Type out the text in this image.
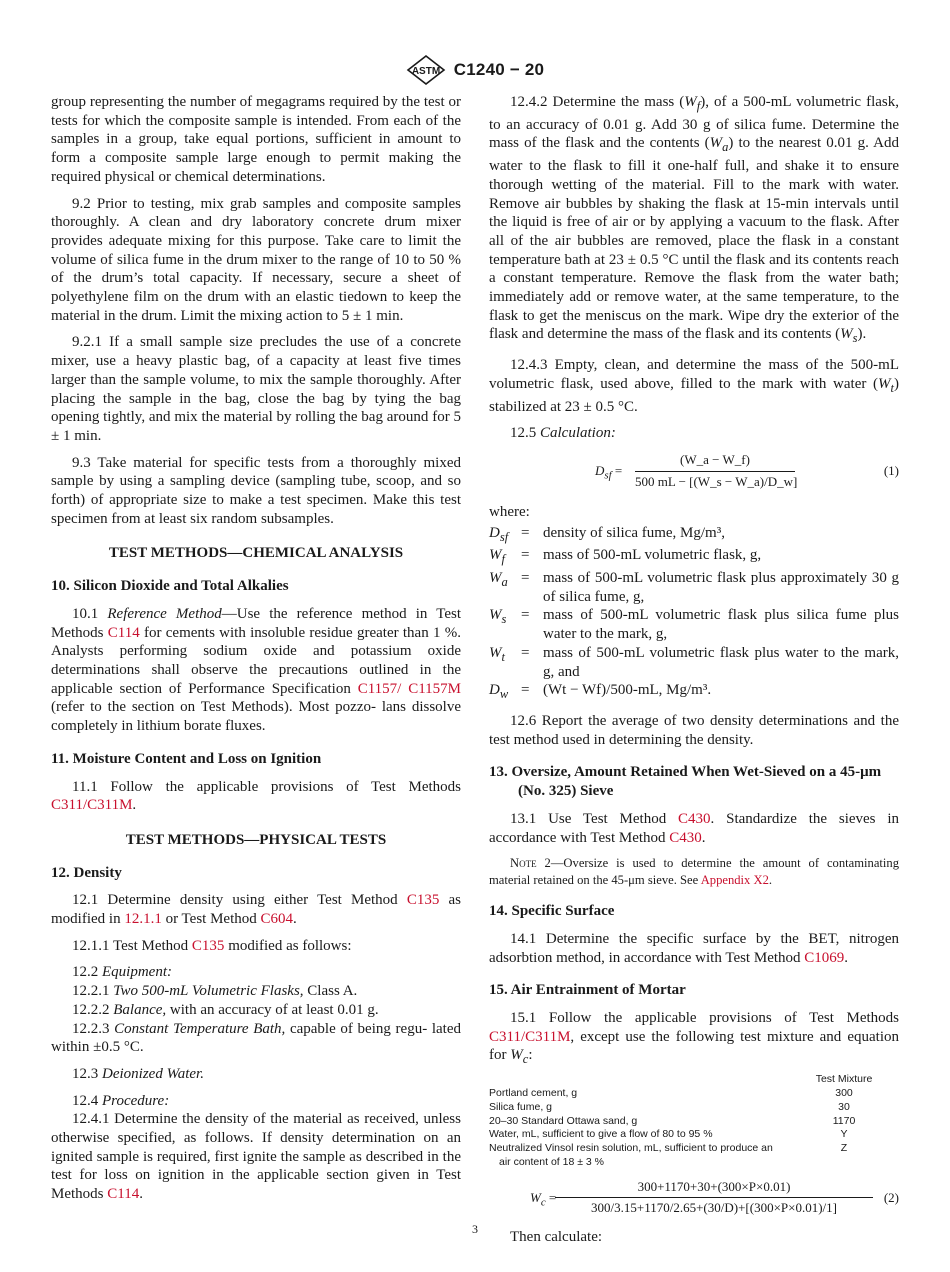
ASTM C1240 − 20

group representing the number of megagrams required by the test or tests for which the composite sample is intended. From each of the samples in a group, take equal portions, sufficient in amount to form a composite sample large enough to permit making the required physical or chemical determinations.

9.2 Prior to testing, mix grab samples and composite samples thoroughly. A clean and dry laboratory concrete drum mixer provides adequate mixing for this purpose. Take care to limit the volume of silica fume in the drum mixer to the range of 10 to 50 % of the drum’s total capacity. If necessary, secure a sheet of polyethylene film on the drum with an elastic tiedown to keep the material in the drum. Limit the mixing action to 5 ± 1 min.

9.2.1 If a small sample size precludes the use of a concrete mixer, use a heavy plastic bag, of a capacity at least five times larger than the sample volume, to mix the sample thoroughly. After placing the sample in the bag, close the bag by tying the bag opening tightly, and mix the material by rolling the bag around for 5 ± 1 min.

9.3 Take material for specific tests from a thoroughly mixed sample by using a sampling device (sampling tube, scoop, and so forth) of appropriate size to make a test specimen. Make this test specimen from at least six random subsamples.

TEST METHODS—CHEMICAL ANALYSIS
10. Silicon Dioxide and Total Alkalies

10.1 Reference Method—Use the reference method in Test Methods C114 for cements with insoluble residue greater than 1 %. Analysts performing sodium oxide and potassium oxide determinations shall observe the precautions outlined in the applicable section of Performance Specification C1157/ C1157M (refer to the section on Test Methods). Most pozzo- lans dissolve completely in lithium borate fluxes.

11. Moisture Content and Loss on Ignition

11.1 Follow the applicable provisions of Test Methods C311/C311M.

TEST METHODS—PHYSICAL TESTS
12. Density

12.1 Determine density using either Test Method C135 as modified in 12.1.1 or Test Method C604.

12.1.1 Test Method C135 modified as follows:

12.2 Equipment:

12.2.1 Two 500-mL Volumetric Flasks, Class A.

12.2.2 Balance, with an accuracy of at least 0.01 g.

12.2.3 Constant Temperature Bath, capable of being regu- lated within ±0.5 °C.

12.3 Deionized Water.

12.4 Procedure:

12.4.1 Determine the density of the material as received, unless otherwise specified, as follows. If density determination on an ignited sample is required, first ignite the sample as described in the test for loss on ignition in the applicable section given in Test Methods C114.

12.4.2 Determine the mass $(W_f)$, of a 500-mL volumetric flask, to an accuracy of 0.01 g. Add 30 g of silica fume. Determine the mass of the flask and the contents $(W_a)$ to the nearest 0.01 g. Add water to the flask to fill it one-half full, and shake it to ensure thorough wetting of the material. Fill to the mark with water. Remove air bubbles by shaking the flask at 15-min intervals until the liquid is free of air or by applying a vacuum to the flask. After all of the air bubbles are removed, place the flask in a constant temperature bath at 23 ± 0.5 °C until the flask and its contents reach a constant temperature. Remove the flask from the water bath; immediately add or remove water, at the same temperature, to the flask to get the meniscus on the mark. Wipe dry the exterior of the flask and determine the mass of the flask and its contents $(W_s)$.

12.4.3 Empty, clean, and determine the mass of the 500-mL volumetric flask, used above, filled to the mark with water $(W_t)$ stabilized at 23 ± 0.5 °C.

12.5 Calculation:

$D_{sf} = \frac{(W\_a - W\_f)}{500 mL - [(W\_s - W\_a)/D\_w]}$	(1)

where:

$D_{sf}$ = density of silica fume, Mg/m³,
$W_f$	= mass of 500-mL volumetric flask, g,
$W_a$ = mass of 500-mL volumetric flask plus approximately 30 g of silica fume, g,
$W_s$ = mass of 500-mL volumetric flask plus silica fume plus water to the mark, g,
$W_t$	= mass of 500-mL volumetric flask plus water to the mark, g, and
$D_w = (Wt - Wf)/500-mL$, Mg/m³.

12.6 Report the average of two density determinations and the test method used in determining the density.

13. Oversize, Amount Retained When Wet-Sieved on a 45-μm (No. 325) Sieve

13.1 Use Test Method C430. Standardize the sieves in accordance with Test Method C430.

Note 2—Oversize is used to determine the amount of contaminating material retained on the 45-μm sieve. See Appendix X2.

14. Specific Surface

14.1 Determine the specific surface by the BET, nitrogen adsorbtion method, in accordance with Test Method C1069.

15. Air Entrainment of Mortar

15.1 Follow the applicable provisions of Test Methods C311/C311M, except use the following test mixture and equation for $W_c$:

Test Mixture
Portland cement, g	300
Silica fume, g	30
20–30 Standard Ottawa sand, g	1170
Water, mL, sufficient to give a flow of 80 to 95 %	Y
Neutralized Vinsol resin solution, mL, sufficient to produce an	Z
air content of 18 ± 3 %
$W_c$ =
$\frac{300+1170+30+(300\times P\times 0.01)}{300/3.15+1170/2.65+(30/D)+[(300\times P\times 0.01)/1]} (2)$

Then calculate:

3
